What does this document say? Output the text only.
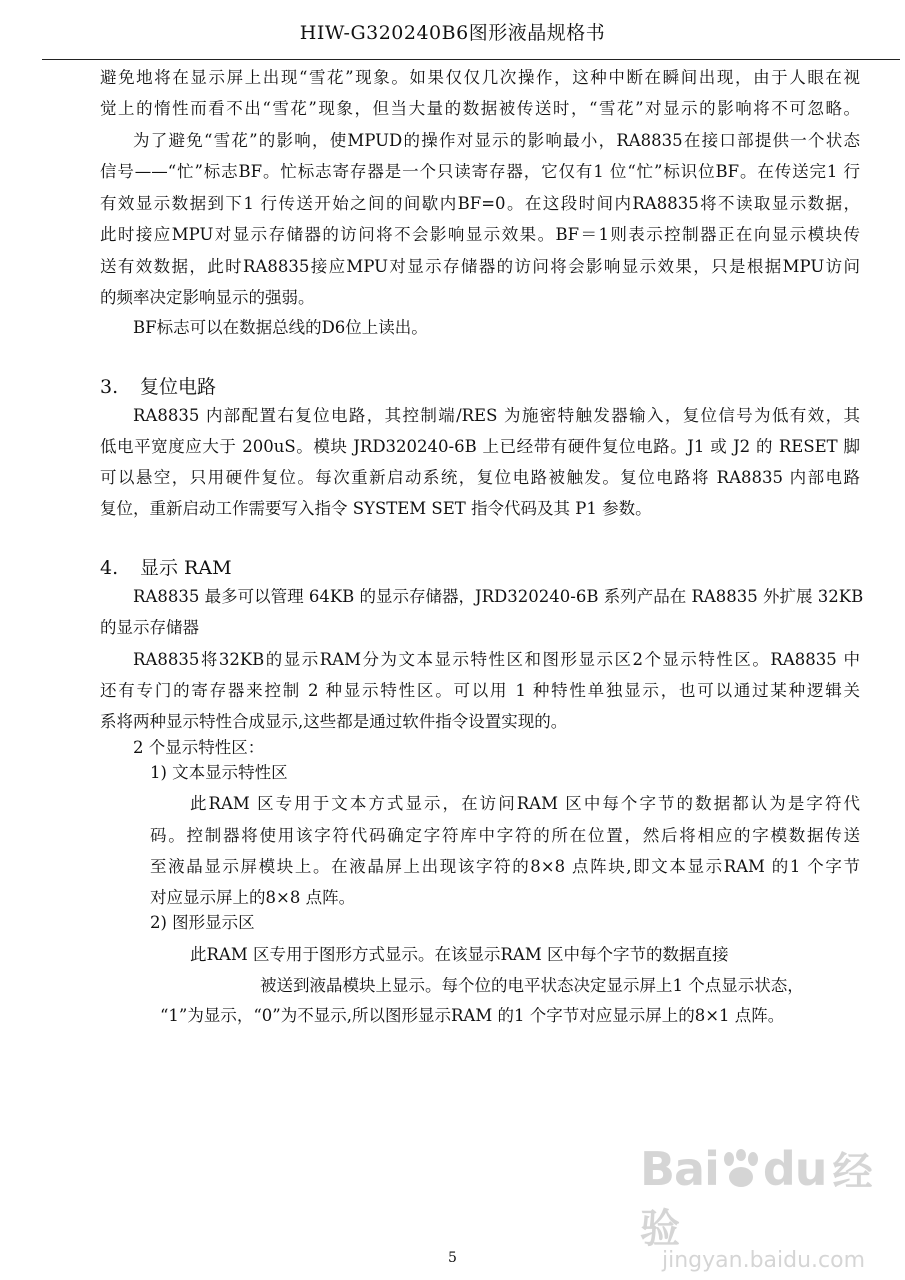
HIW-G320240B6图形液晶规格书

避免地将在显示屏上出现“雪花”现象。如果仅仅几次操作，这种中断在瞬间出现，由于人眼在视

觉上的惰性而看不出“雪花”现象，但当大量的数据被传送时，“雪花”对显示的影响将不可忽略。

为了避免“雪花”的影响，使MPUD的操作对显示的影响最小，RA8835在接口部提供一个状态

信号——“忙”标志BF。忙标志寄存器是一个只读寄存器，它仅有1 位“忙”标识位BF。在传送完1 行

有效显示数据到下1 行传送开始之间的间歇内BF=0。在这段时间内RA8835将不读取显示数据，

此时接应MPU对显示存储器的访问将不会影响显示效果。BF＝1则表示控制器正在向显示模块传

送有效数据，此时RA8835接应MPU对显示存储器的访问将会影响显示效果，只是根据MPU访问

的频率决定影响显示的强弱。

BF标志可以在数据总线的D6位上读出。

3. 复位电路

RA8835 内部配置右复位电路，其控制端/RES 为施密特触发器输入，复位信号为低有效，其

低电平宽度应大于 200uS。模块 JRD320240-6B 上已经带有硬件复位电路。J1 或 J2 的 RESET 脚

可以悬空，只用硬件复位。每次重新启动系统，复位电路被触发。复位电路将 RA8835 内部电路

复位，重新启动工作需要写入指令 SYSTEM SET 指令代码及其 P1 参数。

4. 显示 RAM

RA8835 最多可以管理 64KB 的显示存储器，JRD320240-6B 系列产品在 RA8835 外扩展 32KB

的显示存储器

RA8835将32KB的显示RAM分为文本显示特性区和图形显示区2个显示特性区。RA8835 中

还有专门的寄存器来控制 2 种显示特性区。可以用 1 种特性单独显示，也可以通过某种逻辑关

系将两种显示特性合成显示,这些都是通过软件指令设置实现的。

2 个显示特性区：

1) 文本显示特性区

此RAM 区专用于文本方式显示，在访问RAM 区中每个字节的数据都认为是字符代

码。控制器将使用该字符代码确定字符库中字符的所在位置，然后将相应的字模数据传送

至液晶显示屏模块上。在液晶屏上出现该字符的8×8 点阵块,即文本显示RAM 的1 个字节

对应显示屏上的8×8 点阵。

2) 图形显示区

此RAM 区专用于图形方式显示。在该显示RAM 区中每个字节的数据直接

被送到液晶模块上显示。每个位的电平状态决定显示屏上1 个点显示状态，

“1”为显示，“0”为不显示,所以图形显示RAM 的1 个字节对应显示屏上的8×1 点阵。

Bai du 经验
jingyan.baidu.com
5
